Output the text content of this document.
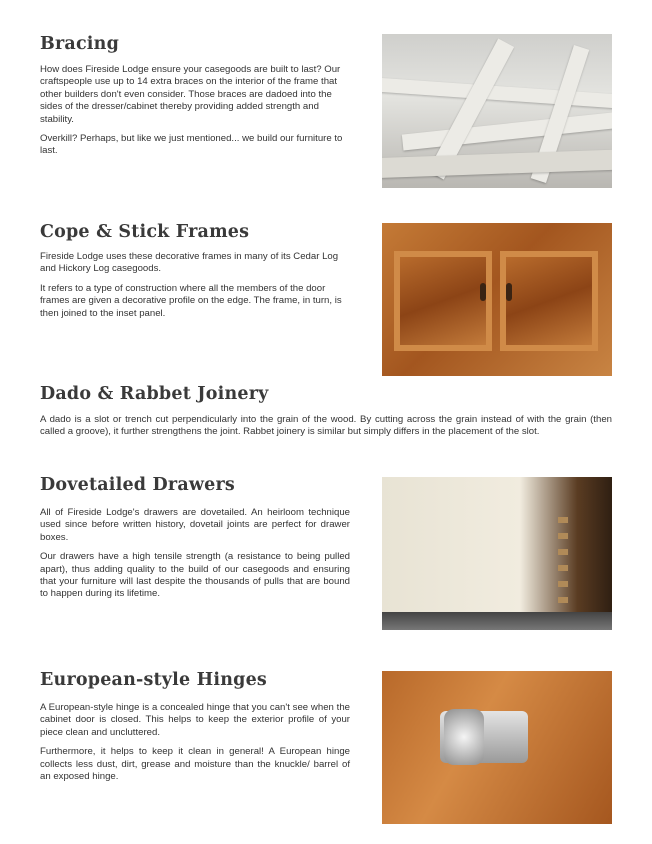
Bracing

How does Fireside Lodge ensure your casegoods are built to last? Our craftspeople use up to 14 extra braces on the interior of the frame that other builders don't even consider. Those braces are dadoed into the sides of the dresser/cabinet thereby providing added strength and stability.

Overkill? Perhaps, but like we just mentioned... we build our furniture to last.

Cope & Stick Frames

Fireside Lodge uses these decorative frames in many of its Cedar Log and Hickory Log casegoods.

It refers to a type of construction where all the members of the door frames are given a decorative profile on the edge. The frame, in turn, is then joined to the inset panel.

Dado & Rabbet Joinery

A dado is a slot or trench cut perpendicularly into the grain of the wood. By cutting across the grain instead of with the grain (then called a groove), it further strengthens the joint. Rabbet joinery is similar but simply differs in the placement of the slot.

Dovetailed Drawers

All of Fireside Lodge's drawers are dovetailed. An heirloom technique used since before written history, dovetail joints are perfect for drawer boxes.

Our drawers have a high tensile strength (a resistance to being pulled apart), thus adding quality to the build of our casegoods and ensuring that your furniture will last despite the thousands of pulls that are bound to happen during its lifetime.

European-style Hinges

A European-style hinge is a concealed hinge that you can't see when the cabinet door is closed. This helps to keep the exterior profile of your piece clean and uncluttered.

Furthermore, it helps to keep it clean in general! A European hinge collects less dust, dirt, grease and moisture than the knuckle/ barrel of an exposed hinge.
